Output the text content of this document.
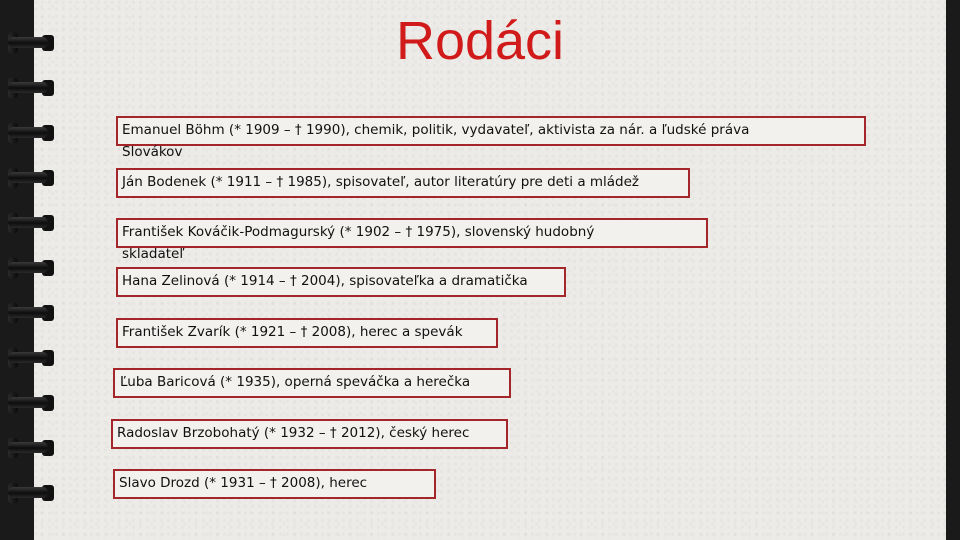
Rodáci

Emanuel Böhm (* 1909 – † 1990), chemik, politik, vydavateľ, aktivista za nár. a ľudské práva

Slovákov

Ján Bodenek (* 1911 – † 1985), spisovateľ, autor literatúry pre deti a mládež

František Kováčik-Podmagurský (* 1902 – † 1975), slovenský hudobný

skladateľ

Hana Zelinová (* 1914 – † 2004), spisovateľka a dramatička

František Zvarík (* 1921 – † 2008), herec a spevák

Ľuba Baricová (* 1935), operná speváčka a herečka

Radoslav Brzobohatý (* 1932 – † 2012), český herec

Slavo Drozd (* 1931 – † 2008), herec
